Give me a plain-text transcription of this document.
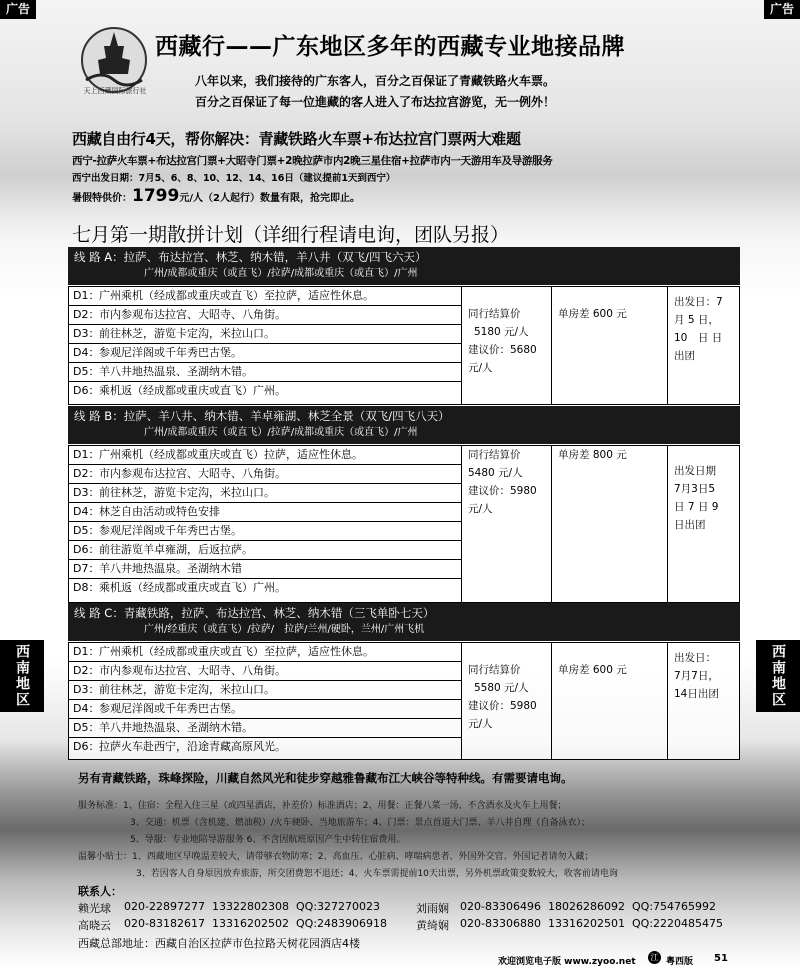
广告	广告
西南地区	西南地区
天上西藏国际旅行社
西藏行——广东地区多年的西藏专业地接品牌
八年以来，我们接待的广东客人，百分之百保证了青藏铁路火车票。
百分之百保证了每一位進藏的客人进入了布达拉宫游览，无一例外！
西藏自由行4天，帮你解决：青藏铁路火车票+布达拉宫门票两大难题
西宁-拉萨火车票+布达拉宫门票+大昭寺门票+2晚拉萨市内2晚三星住宿+拉萨市内一天游用车及导游服务
西宁出发日期：7月5、6、8、10、12、14、16日（建议提前1天到西宁）
暑假特供价：1799元/人（2人起行）数量有限，抢完即止。
七月第一期散拼计划（详细行程请电询，团队另报）
线 路 A：拉萨、布达拉宫、林芝、纳木错，羊八井（双飞/四飞六天）
广州/成都或重庆（或直飞）/拉萨/成都或重庆（或直飞）/广州
D1： 广州乘机（经成都或重庆或直飞）至拉萨，适应性休息。
D2： 市内参观布达拉宫、大昭寺、八角街。
D3： 前往林芝，游览卡定沟，米拉山口。
D4： 参观尼洋阁或千年秀巴古堡。
D5： 羊八井地热温泉、圣湖纳木错。
D6： 乘机返（经成都或重庆或直飞）广州。
同行结算价
5180 元/人
建议价：5680
元/人
单房差 600 元
出发日：7
月 5 日，
10　日 日
出团
线 路 B：拉萨、羊八井、纳木错、羊卓雍湖、林芝全景（双飞/四飞八天）
广州/成都或重庆（或直飞）/拉萨/成都或重庆（或直飞）/广州
D1： 广州乘机（经成都或重庆或直飞）拉萨，适应性休息。
D2： 市内参观布达拉宫、大昭寺、八角街。
D3： 前往林芝，游览卡定沟，米拉山口。
D4： 林芝自由活动或特色安排
D5： 参观尼洋阁或千年秀巴古堡。
D6： 前往游览羊卓雍湖，后返拉萨。
D7： 羊八井地热温泉。圣湖纳木错
D8： 乘机返（经成都或重庆或直飞）广州。
同行结算价
5480 元/人
建议价：5980
元/人
单房差 800 元
出发日期
7月3日5
日 7 日 9
日出团
线 路 C：青藏铁路，拉萨、布达拉宫、林芝、纳木错（三飞单卧七天）
广州/经重庆（或直飞）/拉萨/　拉萨/兰州/硬卧，兰州/广州飞机
D1： 广州乘机（经成都或重庆或直飞）至拉萨，适应性休息。
D2： 市内参观布达拉宫、大昭寺、八角街。
D3： 前往林芝，游览卡定沟，米拉山口。
D4： 参观尼洋阁或千年秀巴古堡。
D5： 羊八井地热温泉、圣湖纳木错。
D6： 拉萨火车赴西宁，沿途青藏高原风光。
同行结算价
5580 元/人
建议价：5980
元/人
单房差 600 元
出发日：
7月7日，
14日出团
另有青藏铁路，珠峰探险，川藏自然风光和徒步穿越雅鲁藏布江大峡谷等特种线。有需要请电询。
服务标准：1、住宿：全程入住三星（或四星酒店，补差价）标准酒店；2、用餐：正餐八菜一汤、不含酒水及火车上用餐；
3、交通：机票（含机建、燃油税）/火车硬卧、当地旅游车；4、门票：景点首道大门票、羊八井自理（自备泳衣）；
5、导服：专业地陪导游服务 6、不含因航班原因产生中转住宿费用。
温馨小贴士：1、西藏地区早晚温差较大，请带够衣物防寒；2、高血压、心脏病、哮喘病患者、外国外交官、外国记者请勿入藏；
3、若因客人自身原因放弃旅游，所交团费恕不退还；4、火车票需提前10天出票，另外机票政策变数较大，收客前请电询
联系人：
赖光球	020-22897277 13322802308 QQ:327270023	刘雨娴	020-83306496 18026286092 QQ:754765992
高晓云	020-83182617 13316202502 QQ:2483906918	黄绮娴	020-83306880 13316202501 QQ:2220485475
西藏总部地址：西藏自治区拉萨市色拉路天树花园酒店4楼
欢迎浏览电子版 www.zyoo.net	江 粤西版 51
